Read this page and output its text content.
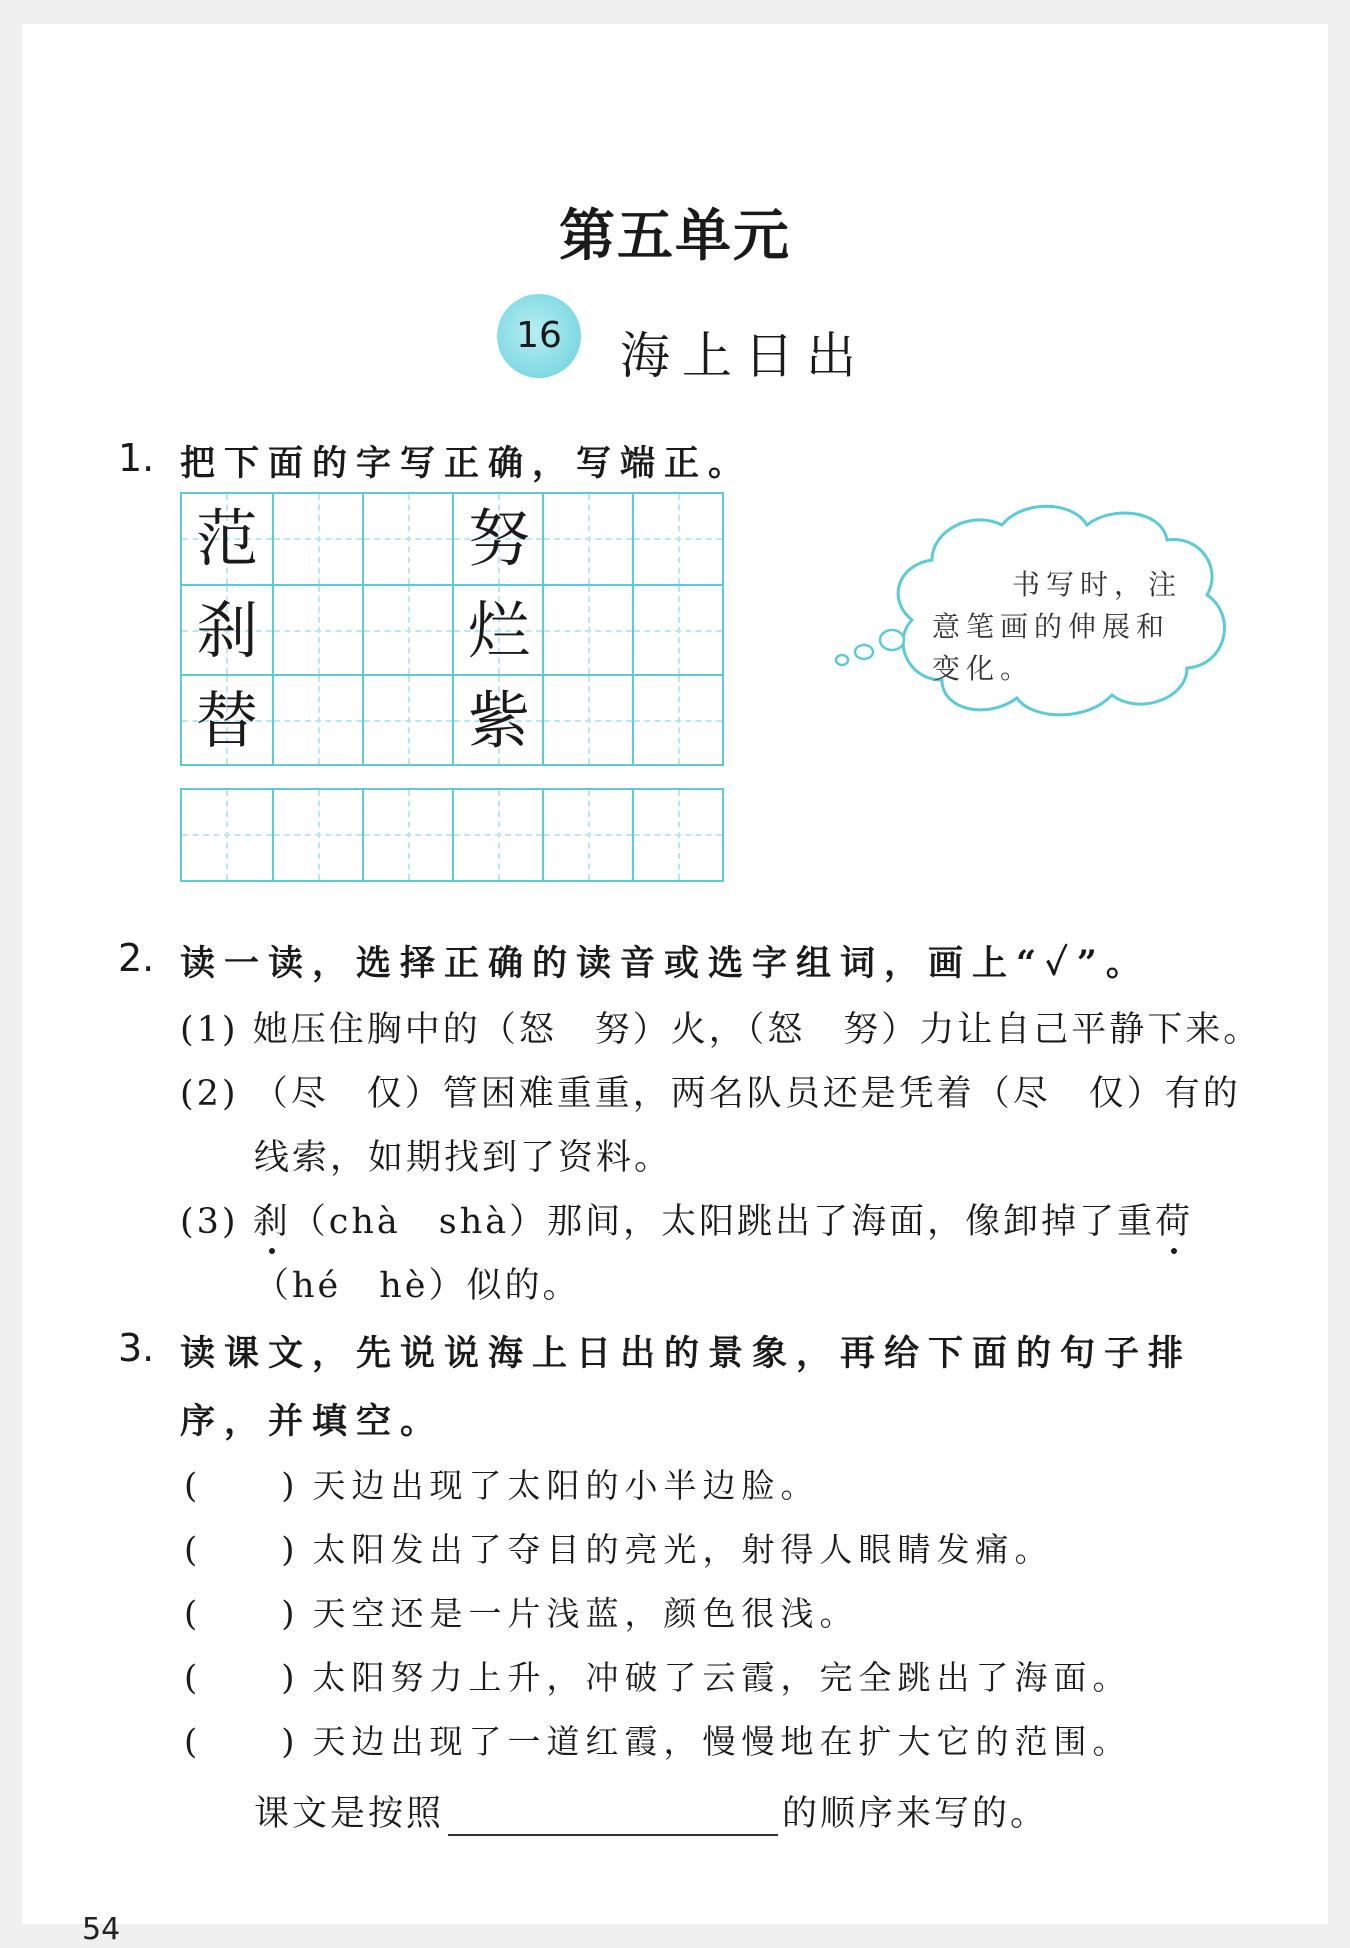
第五单元
16	海上日出
1. 把下面的字写正确，写端正。
范	努
刹	烂
替	紫
书写时，注
意笔画的伸展和
变化。
2. 读一读，选择正确的读音或选字组词，画上“✓”。
(1) 她压住胸中的（怒　努）火，（怒　努）力让自己平静下来。
(2) （尽　仅）管困难重重，两名队员还是凭着（尽　仅）有的
线索，如期找到了资料。
(3) 刹（chà　shà）那间，太阳跳出了海面，像卸掉了重荷
（hé　hè）似的。
3. 读课文，先说说海上日出的景象，再给下面的句子排
序，并填空。
( ) 天边出现了太阳的小半边脸。
( ) 太阳发出了夺目的亮光，射得人眼睛发痛。
( ) 天空还是一片浅蓝，颜色很浅。
( ) 太阳努力上升，冲破了云霞，完全跳出了海面。
( ) 天边出现了一道红霞，慢慢地在扩大它的范围。
课文是按照	的顺序来写的。
54
